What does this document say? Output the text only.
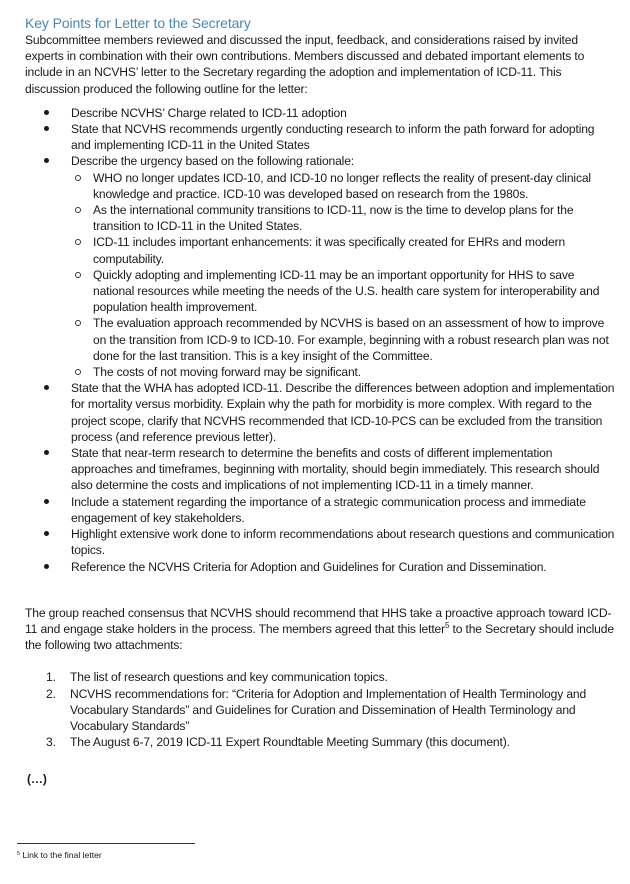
Key Points for Letter to the Secretary

Subcommittee members reviewed and discussed the input, feedback, and considerations raised by invited experts in combination with their own contributions. Members discussed and debated important elements to include in an NCVHS’ letter to the Secretary regarding the adoption and implementation of ICD-11. This discussion produced the following outline for the letter:

Describe NCVHS’ Charge related to ICD-11 adoption
State that NCVHS recommends urgently conducting research to inform the path forward for adopting and implementing ICD-11 in the United States
Describe the urgency based on the following rationale:
WHO no longer updates ICD-10, and ICD-10 no longer reflects the reality of present-day clinical knowledge and practice. ICD-10 was developed based on research from the 1980s.
As the international community transitions to ICD-11, now is the time to develop plans for the transition to ICD-11 in the United States.
ICD-11 includes important enhancements: it was specifically created for EHRs and modern computability.
Quickly adopting and implementing ICD-11 may be an important opportunity for HHS to save national resources while meeting the needs of the U.S. health care system for interoperability and population health improvement.
The evaluation approach recommended by NCVHS is based on an assessment of how to improve on the transition from ICD-9 to ICD-10. For example, beginning with a robust research plan was not done for the last transition. This is a key insight of the Committee.
The costs of not moving forward may be significant.
State that the WHA has adopted ICD-11. Describe the differences between adoption and implementation for mortality versus morbidity. Explain why the path for morbidity is more complex. With regard to the project scope, clarify that NCVHS recommended that ICD-10-PCS can be excluded from the transition process (and reference previous letter).
State that near-term research to determine the benefits and costs of different implementation approaches and timeframes, beginning with mortality, should begin immediately. This research should also determine the costs and implications of not implementing ICD-11 in a timely manner.
Include a statement regarding the importance of a strategic communication process and immediate engagement of key stakeholders.
Highlight extensive work done to inform recommendations about research questions and communication topics.
Reference the NCVHS Criteria for Adoption and Guidelines for Curation and Dissemination.

The group reached consensus that NCVHS should recommend that HHS take a proactive approach toward ICD-11 and engage stake holders in the process. The members agreed that this letter$^5$ to the Secretary should include the following two attachments:

1. The list of research questions and key communication topics.
2. NCVHS recommendations for: “Criteria for Adoption and Implementation of Health Terminology and Vocabulary Standards” and Guidelines for Curation and Dissemination of Health Terminology and Vocabulary Standards”
3. The August 6-7, 2019 ICD-11 Expert Roundtable Meeting Summary (this document).
(…)
$^5$ Link to the final letter
